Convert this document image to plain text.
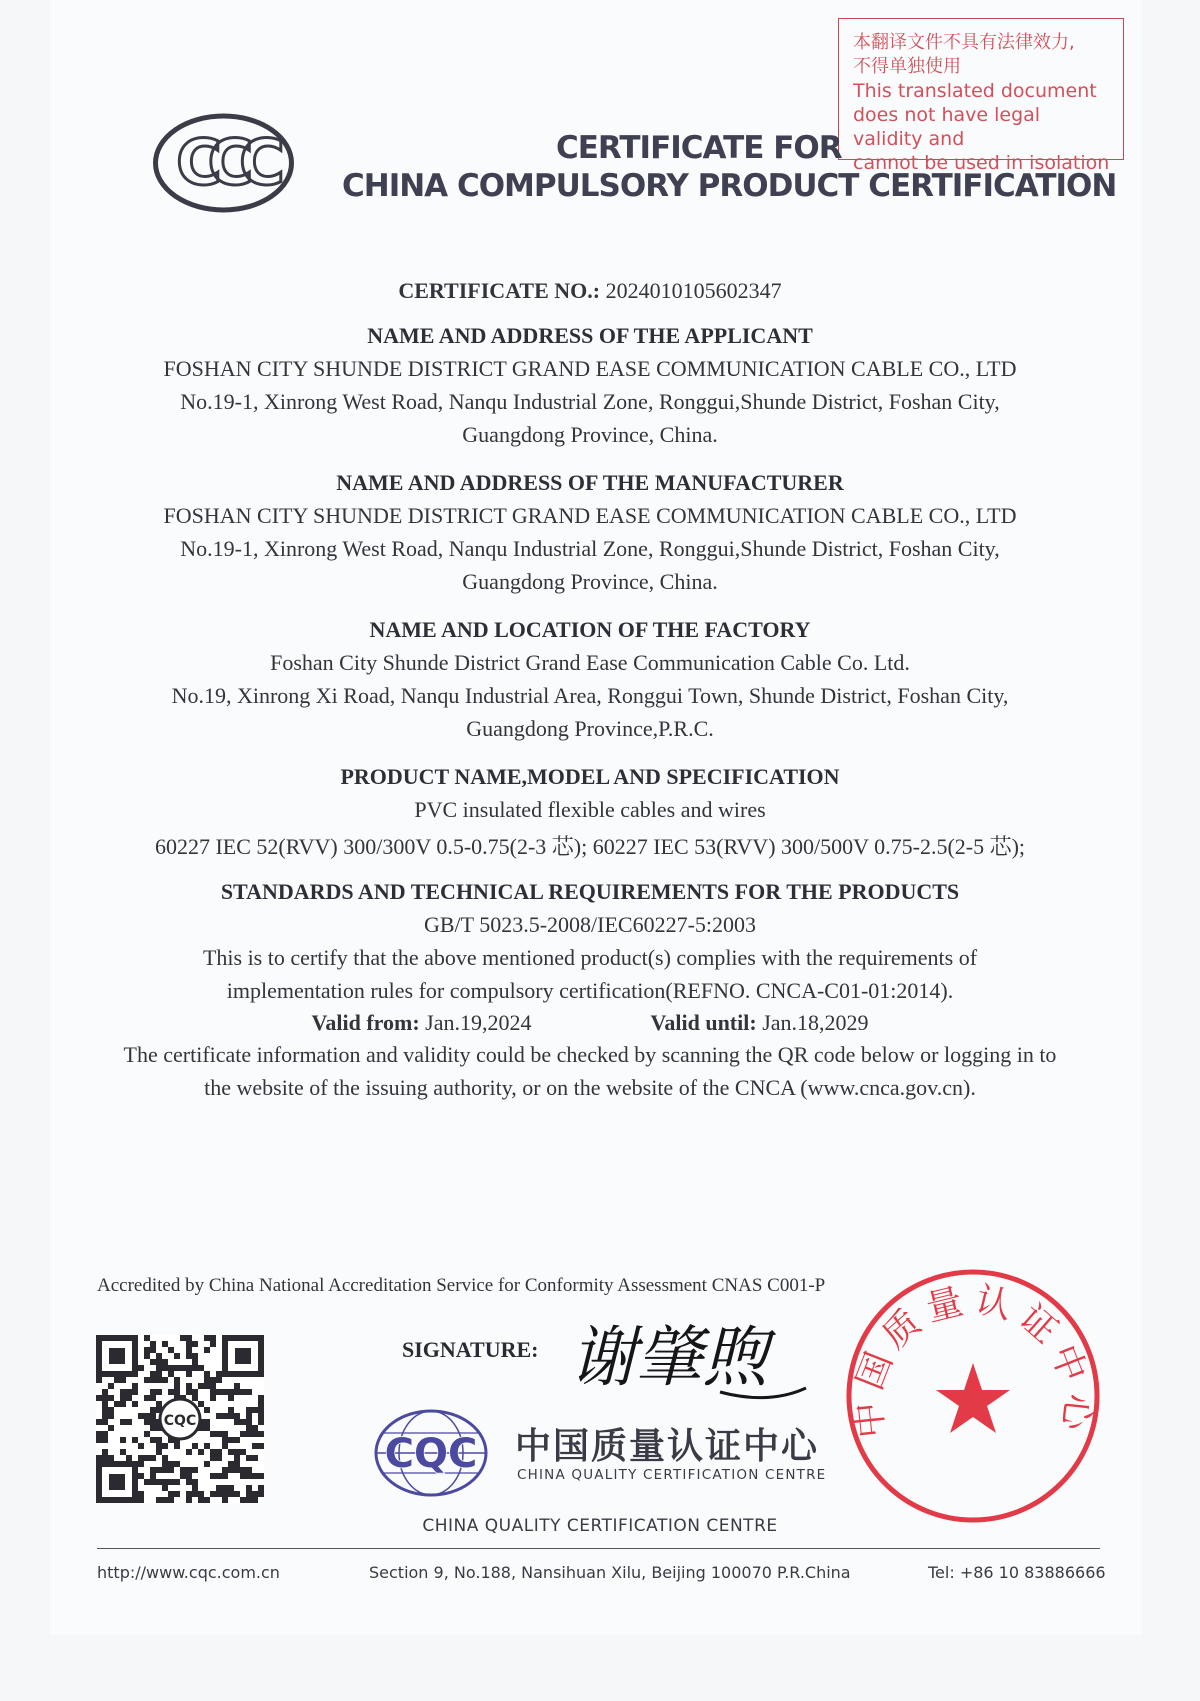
本翻译文件不具有法律效力,
不得单独使用
This translated document
does not have legal validity and
cannot be used in isolation
CCC	CERTIFICATE FOR
CHINA COMPULSORY PRODUCT CERTIFICATION
CERTIFICATE NO.: 2024010105602347
NAME AND ADDRESS OF THE APPLICANT
FOSHAN CITY SHUNDE DISTRICT GRAND EASE COMMUNICATION CABLE CO., LTD
No.19-1, Xinrong West Road, Nanqu Industrial Zone, Ronggui,Shunde District, Foshan City,
Guangdong Province, China.
NAME AND ADDRESS OF THE MANUFACTURER
FOSHAN CITY SHUNDE DISTRICT GRAND EASE COMMUNICATION CABLE CO., LTD
No.19-1, Xinrong West Road, Nanqu Industrial Zone, Ronggui,Shunde District, Foshan City,
Guangdong Province, China.
NAME AND LOCATION OF THE FACTORY
Foshan City Shunde District Grand Ease Communication Cable Co. Ltd.
No.19, Xinrong Xi Road, Nanqu Industrial Area, Ronggui Town, Shunde District, Foshan City,
Guangdong Province,P.R.C.
PRODUCT NAME,MODEL AND SPECIFICATION
PVC insulated flexible cables and wires
60227 IEC 52(RVV) 300/300V 0.5-0.75(2-3 芯); 60227 IEC 53(RVV) 300/500V 0.75-2.5(2-5 芯);
STANDARDS AND TECHNICAL REQUIREMENTS FOR THE PRODUCTS
GB/T 5023.5-2008/IEC60227-5:2003
This is to certify that the above mentioned product(s) complies with the requirements of
implementation rules for compulsory certification(REFNO. CNCA-C01-01:2014).
Valid from: Jan.19,2024	Valid until: Jan.18,2029
The certificate information and validity could be checked by scanning the QR code below or logging in to
the website of the issuing authority, or on the website of the CNCA (www.cnca.gov.cn).
Accredited by China National Accreditation Service for Conformity Assessment CNAS C001-P
CQC
SIGNATURE: 谢肇煦
CQC 中国质量认证中心
CHINA QUALITY CERTIFICATION CENTRE
中国质量认证中心
CHINA QUALITY CERTIFICATION CENTRE
http://www.cqc.com.cn	Section 9, No.188, Nansihuan Xilu, Beijing 100070 P.R.China	Tel: +86 10 83886666
